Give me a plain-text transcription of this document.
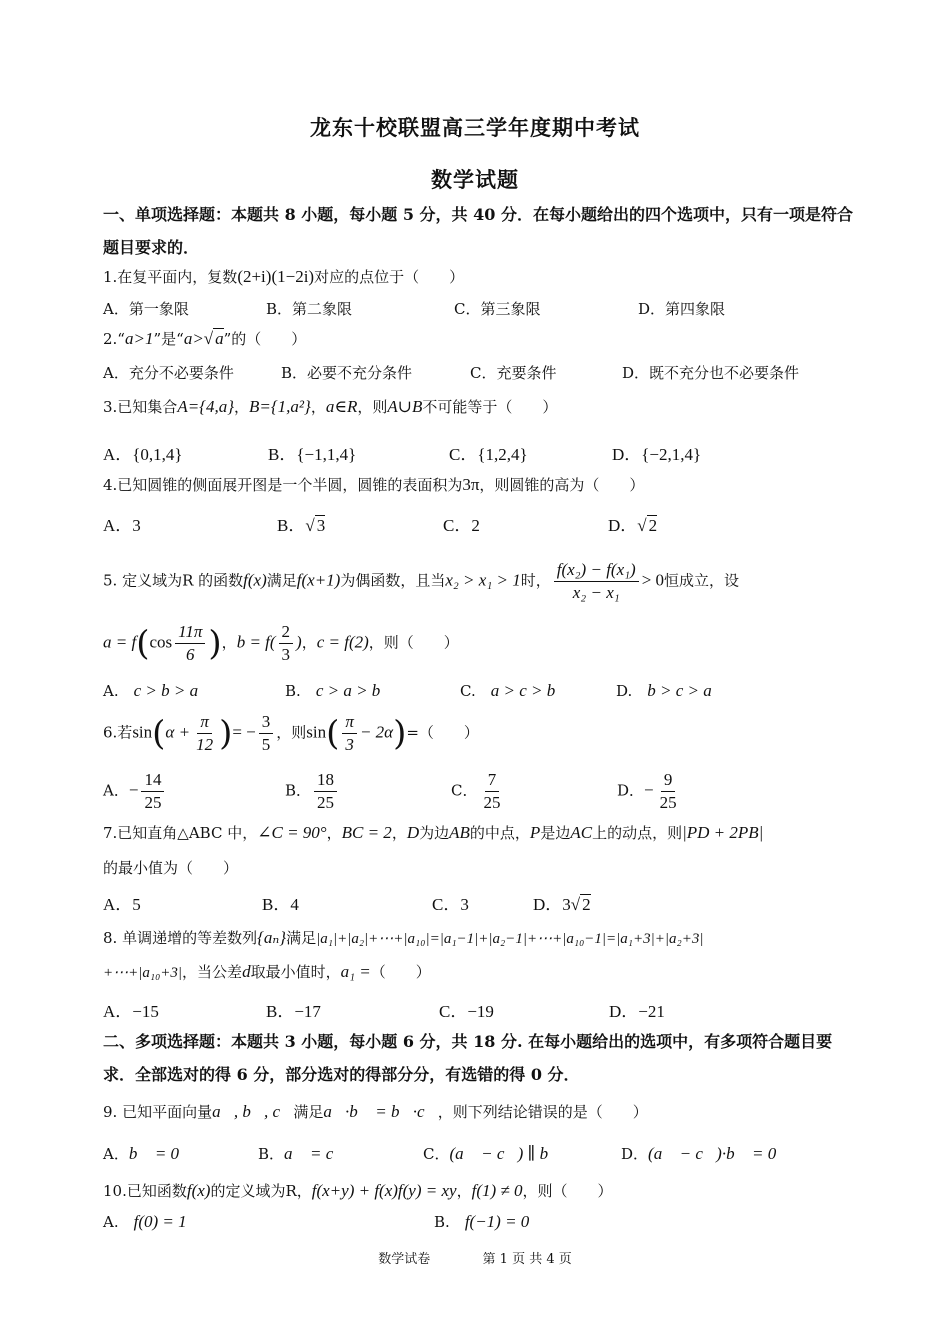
龙东十校联盟高三学年度期中考试
数学试题
一、单项选择题：本题共 8 小题，每小题 5 分，共 40 分．在每小题给出的四个选项中，只有一项是符合题目要求的．
1.在复平面内，复数(2+i)(1−2i)对应的点位于（　　）
A．第一象限	B．第二象限	C．第三象限	D．第四象限
2.“a>1”是“a>√ a”的（　　）
A．充分不必要条件	B．必要不充分条件	C．充要条件	D．既不充分也不必要条件
3.已知集合A={4,a}，B={1,a²}，a∈R，则A∪B不可能等于（　　）
A．{0,1,4}	B．{−1,1,4}	C．{1,2,4}	D．{−2,1,4}
4.已知圆锥的侧面展开图是一个半圆，圆锥的表面积为3π，则圆锥的高为（　　）
A．3	B．√ 3	C．2	D．√ 2
5. 定义域为R 的函数f(x)满足f(x+1)为偶函数，且当x₂ > x₁ > 1时， $\frac{\text{f(x₂) − f(x₁)}}{\text{x₂ − x₁}} > 0$恒成立，设
$a = f(\cos \frac{11\pi}{6}$ )，$b = f( \frac{2}{3}$ )，c = f(2)，则（　　）
A.　 c > b > a	B.　 c > a > b	C.　 a > c > b	D.　 b > c > a
6.若$\sin(\alpha + \frac{\pi}{12}$ )= − $\frac{3}{5}$ ，则$\sin( \frac{\pi}{3} - 2\alpha)=$（　　）
A．− $\frac{14}{25}$	B． $\frac{18}{25}$	C． $\frac{7}{25}$	D．− $\frac{9}{25}$
7.已知直角△ABC 中，∠C = 90°，BC = 2，D为边AB的中点，P是边AC上的动点，则|PD + 2PB|
的最小值为（　　）
A．5	B．4	C．3	D．3√ 2
8. 单调递增的等差数列{aₙ}满足|a₁|+|a₂|+⋯+|a₁₀|=|a₁−1|+|a₂−1|+⋯+|a₁₀−1|=|a₁+3|+|a₂+3|
+⋯+|a₁₀+3|，当公差d取最小值时，a₁ =（　　）
A．−15	B．−17	C．−19	D．−21
二、多项选择题：本题共 3 小题，每小题 6 分，共 18 分. 在每小题给出的选项中，有多项符合题目要求．全部选对的得 6 分，部分选对的得部分分，有选错的得 0 分．
9. 已知平面向量a⃗, b⃗, c⃗满足a⃗·b⃗ = b⃗·c⃗，则下列结论错误的是（　　）
A．b⃗ = 0⃗	B．a⃗ = c⃗	C．(a⃗ − c⃗) ∥ b⃗	D．(a⃗ − c⃗)·b⃗ = 0
10.已知函数f(x)的定义域为R，f(x+y) + f(x)f(y) = xy，f(1) ≠ 0，则（　　）
A.　 f(0) = 1	B.　 f(−1) = 0
数学试卷	第 1 页 共 4 页
